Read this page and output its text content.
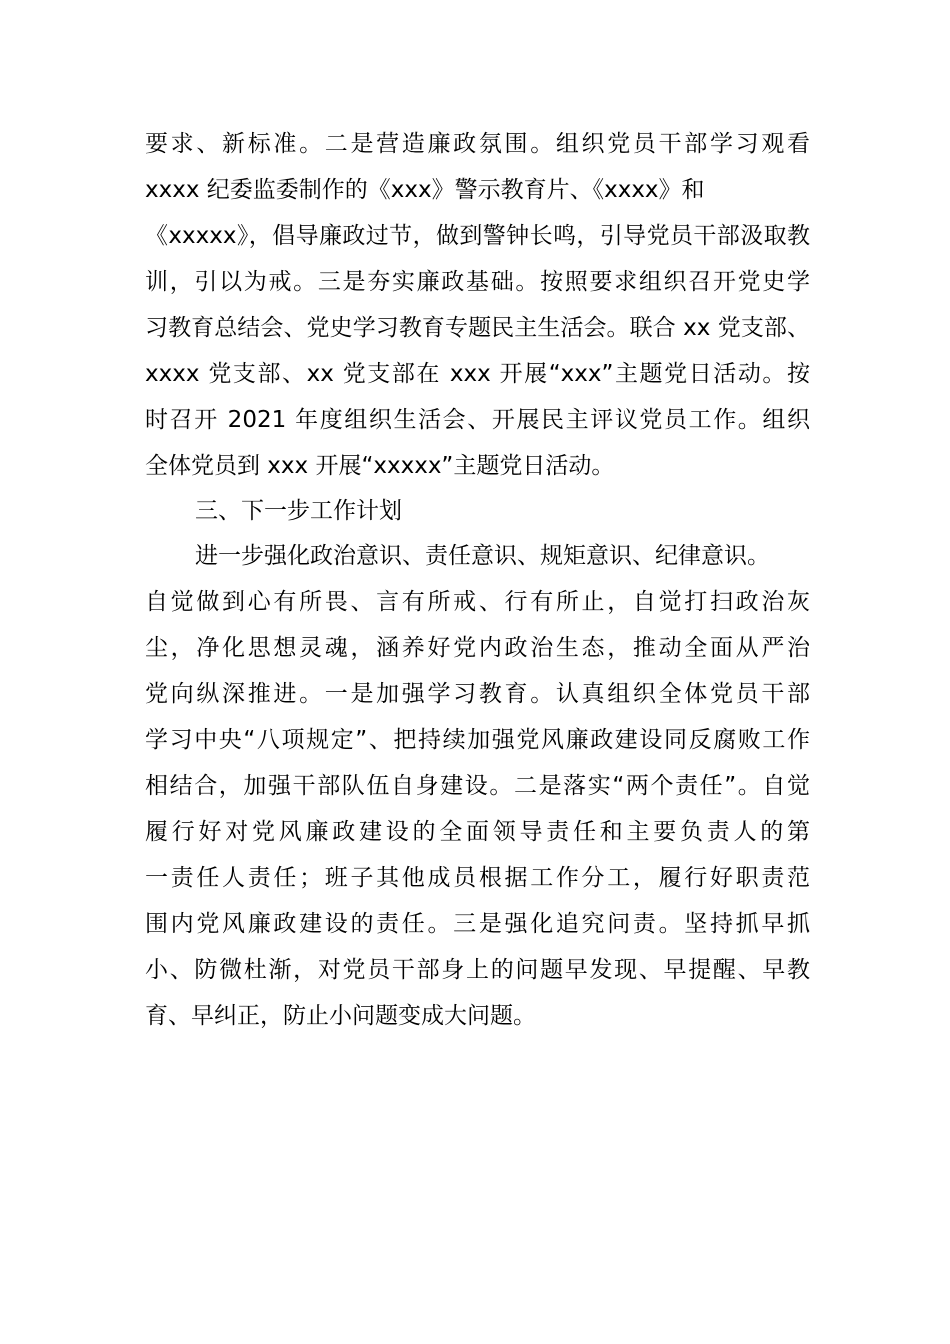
要求、新标准。二是营造廉政氛围。组织党员干部学习观看
xxxx 纪委监委制作的《xxx》警示教育片、《xxxx》和
《xxxxx》，倡导廉政过节，做到警钟长鸣，引导党员干部汲取教
训，引以为戒。三是夯实廉政基础。按照要求组织召开党史学
习教育总结会、党史学习教育专题民主生活会。联合 xx 党支部、
xxxx 党支部、xx 党支部在 xxx 开展“xxx”主题党日活动。按
时召开 2021 年度组织生活会、开展民主评议党员工作。组织
全体党员到 xxx 开展“xxxxx”主题党日活动。
三、下一步工作计划
进一步强化政治意识、责任意识、规矩意识、纪律意识。
自觉做到心有所畏、言有所戒、行有所止，自觉打扫政治灰
尘，净化思想灵魂，涵养好党内政治生态，推动全面从严治
党向纵深推进。一是加强学习教育。认真组织全体党员干部
学习中央“八项规定”、把持续加强党风廉政建设同反腐败工作
相结合，加强干部队伍自身建设。二是落实“两个责任”。自觉
履行好对党风廉政建设的全面领导责任和主要负责人的第
一责任人责任；班子其他成员根据工作分工，履行好职责范
围内党风廉政建设的责任。三是强化追究问责。坚持抓早抓
小、防微杜渐，对党员干部身上的问题早发现、早提醒、早教
育、早纠正，防止小问题变成大问题。
